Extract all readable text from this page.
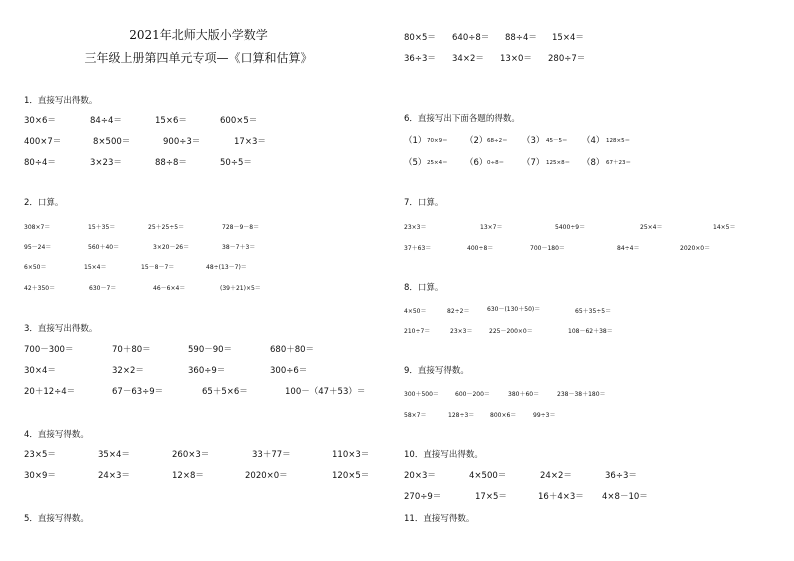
2021年北师大版小学数学
三年级上册第四单元专项—《口算和估算》
1．直接写出得数。
30×6＝	84÷4＝	15×6＝	600×5＝
400×7＝	8×500＝	900÷3＝	17×3＝
80÷4＝	3×23＝	88÷8＝	50÷5＝
2．口算。
308×7＝	15＋35＝	25＋25÷5＝	728－9－8＝
95－24＝	560＋40＝	3×20－26＝	38－7＋3＝
6×50＝	15×4＝	15－8－7＝	48÷(13－7)＝
42＋350＝	630－7＝	46－6×4＝	(39＋21)×5＝
3．直接写出得数。
700－300＝	70＋80＝	590－90＝	680＋80＝
30×4＝	32×2＝	360÷9＝	300÷6＝
20＋12÷4＝	67－63÷9＝	65＋5×6＝	100－（47＋53）＝
4．直接写得数。
23×5＝	35×4＝	260×3＝	33＋77＝	110×3＝
30×9＝	24×3＝	12×8＝	2020×0＝	120×5＝
5．直接写得数。
80×5＝ 640÷8＝ 88÷4＝ 15×4＝
36÷3＝ 34×2＝ 13×0＝ 280÷7＝
6．直接写出下面各题的得数。
（1） 70×9＝ （2） 68÷2＝ （3） 45－5＝ （4） 128×5＝
（5） 25×4＝ （6） 0÷8＝ （7） 125×8＝ （8） 67＋23＝
7．口算。
23×3＝	13×7＝	5400÷9＝	25×4＝	14×5＝
37＋63＝	400÷8＝	700－180＝	84÷4＝	2020×0＝
8．口算。
4×50＝	82÷2＝	630－(130＋50)＝	65＋35÷5＝
210÷7＝	23×3＝	225－200×0＝	108－62＋38＝
9．直接写得数。
300＋500＝	600－200＝	380＋60＝	238－38＋180＝
58×7＝	128÷3＝	800×6＝	99÷3＝
10．直接写出得数。
20×3＝	4×500＝	24×2＝	36÷3＝
270÷9＝	17×5＝	16＋4×3＝ 4×8－10＝
11．直接写得数。
